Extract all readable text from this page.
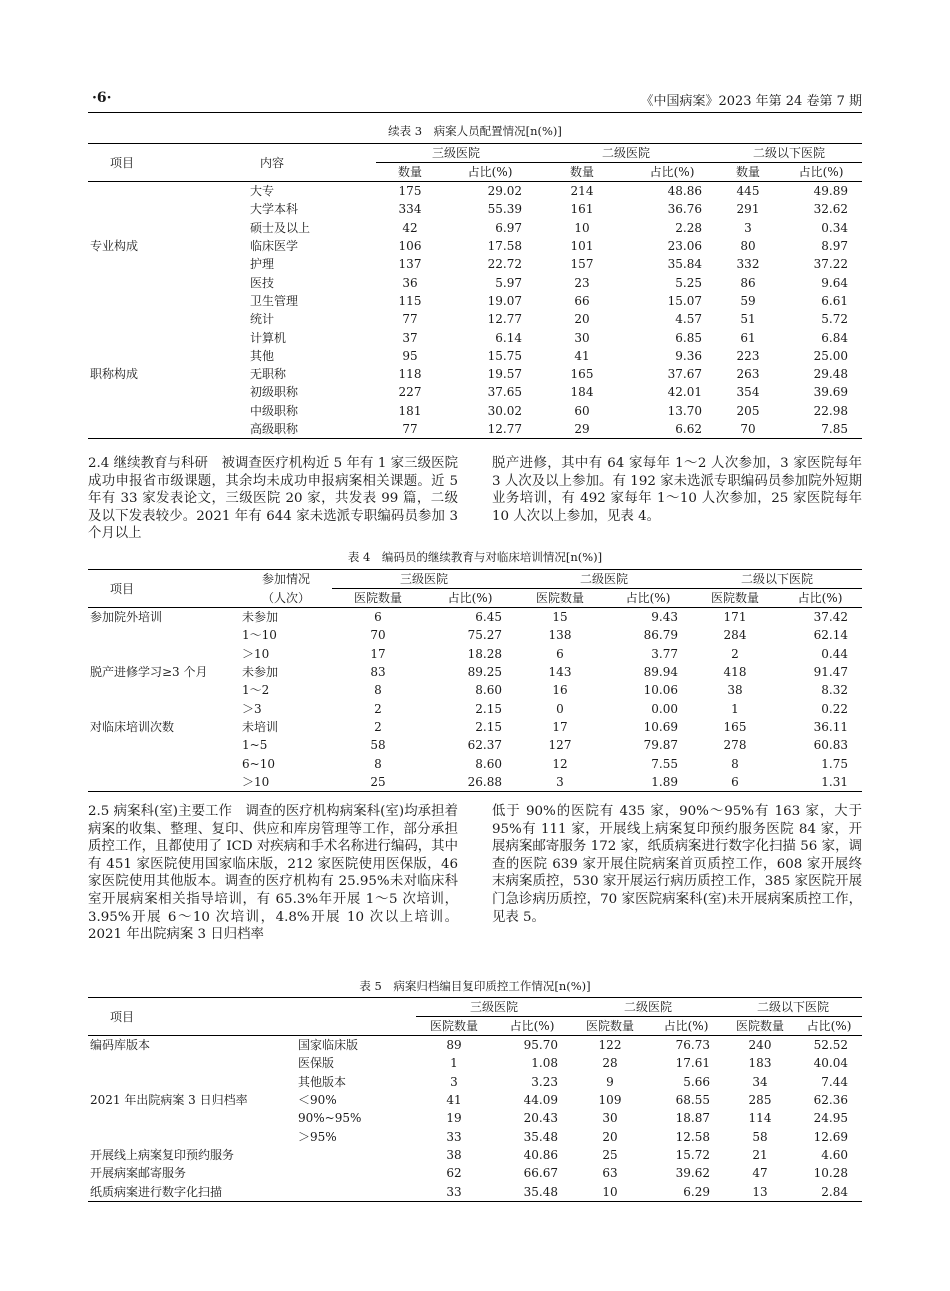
·6·	《中国病案》2023 年第 24 卷第 7 期
续表 3　病案人员配置情况[n(%)]
项目	内容	三级医院		二级医院		二级以下医院	
		数量	占比(%)	数量	占比(%)	数量	占比(%)
	大专	175	29.02	214	48.86	445	49.89
	大学本科	334	55.39	161	36.76	291	32.62
	硕士及以上	42	6.97	10	2.28	3	0.34
专业构成	临床医学	106	17.58	101	23.06	80	8.97
	护理	137	22.72	157	35.84	332	37.22
	医技	36	5.97	23	5.25	86	9.64
	卫生管理	115	19.07	66	15.07	59	6.61
	统计	77	12.77	20	4.57	51	5.72
	计算机	37	6.14	30	6.85	61	6.84
	其他	95	15.75	41	9.36	223	25.00
职称构成	无职称	118	19.57	165	37.67	263	29.48
	初级职称	227	37.65	184	42.01	354	39.69
	中级职称	181	30.02	60	13.70	205	22.98
	高级职称	77	12.77	29	6.62	70	7.85

2.4 继续教育与科研　被调查医疗机构近 5 年有 1 家三级医院成功申报省市级课题，其余均未成功申报病案相关课题。近 5 年有 33 家发表论文，三级医院 20 家，共发表 99 篇，二级及以下发表较少。2021 年有 644 家未选派专职编码员参加 3 个月以上

脱产进修，其中有 64 家每年 1～2 人次参加，3 家医院每年 3 人次及以上参加。有 192 家未选派专职编码员参加院外短期业务培训，有 492 家每年 1～10 人次参加，25 家医院每年 10 人次以上参加，见表 4。

表 4　编码员的继续教育与对临床培训情况[n(%)]
项目	参加情况	三级医院		二级医院		二级以下医院	
	（人次）	医院数量	占比(%)	医院数量	占比(%)	医院数量	占比(%)
参加院外培训	未参加	6	6.45	15	9.43	171	37.42
	1～10	70	75.27	138	86.79	284	62.14
	＞10	17	18.28	6	3.77	2	0.44
脱产进修学习≥3 个月	未参加	83	89.25	143	89.94	418	91.47
	1～2	8	8.60	16	10.06	38	8.32
	＞3	2	2.15	0	0.00	1	0.22
对临床培训次数	未培训	2	2.15	17	10.69	165	36.11
	1~5	58	62.37	127	79.87	278	60.83
	6~10	8	8.60	12	7.55	8	1.75
	＞10	25	26.88	3	1.89	6	1.31

2.5 病案科(室)主要工作　调查的医疗机构病案科(室)均承担着病案的收集、整理、复印、供应和库房管理等工作，部分承担质控工作，且都使用了 ICD 对疾病和手术名称进行编码，其中有 451 家医院使用国家临床版，212 家医院使用医保版，46 家医院使用其他版本。调查的医疗机构有 25.95%未对临床科室开展病案相关指导培训，有 65.3%年开展 1～5 次培训，3.95%开展 6～10 次培训，4.8%开展 10 次以上培训。2021 年出院病案 3 日归档率

低于 90%的医院有 435 家，90%～95%有 163 家，大于 95%有 111 家，开展线上病案复印预约服务医院 84 家，开展病案邮寄服务 172 家，纸质病案进行数字化扫描 56 家，调查的医院 639 家开展住院病案首页质控工作，608 家开展终末病案质控，530 家开展运行病历质控工作，385 家医院开展门急诊病历质控，70 家医院病案科(室)未开展病案质控工作，见表 5。

表 5　病案归档编目复印质控工作情况[n(%)]
项目		三级医院		二级医院		二级以下医院	
		医院数量	占比(%)	医院数量	占比(%)	医院数量	占比(%)
编码库版本	国家临床版	89	95.70	122	76.73	240	52.52
	医保版	1	1.08	28	17.61	183	40.04
	其他版本	3	3.23	9	5.66	34	7.44
2021 年出院病案 3 日归档率	＜90%	41	44.09	109	68.55	285	62.36
	90%~95%	19	20.43	30	18.87	114	24.95
	＞95%	33	35.48	20	12.58	58	12.69
开展线上病案复印预约服务		38	40.86	25	15.72	21	4.60
开展病案邮寄服务		62	66.67	63	39.62	47	10.28
纸质病案进行数字化扫描		33	35.48	10	6.29	13	2.84
